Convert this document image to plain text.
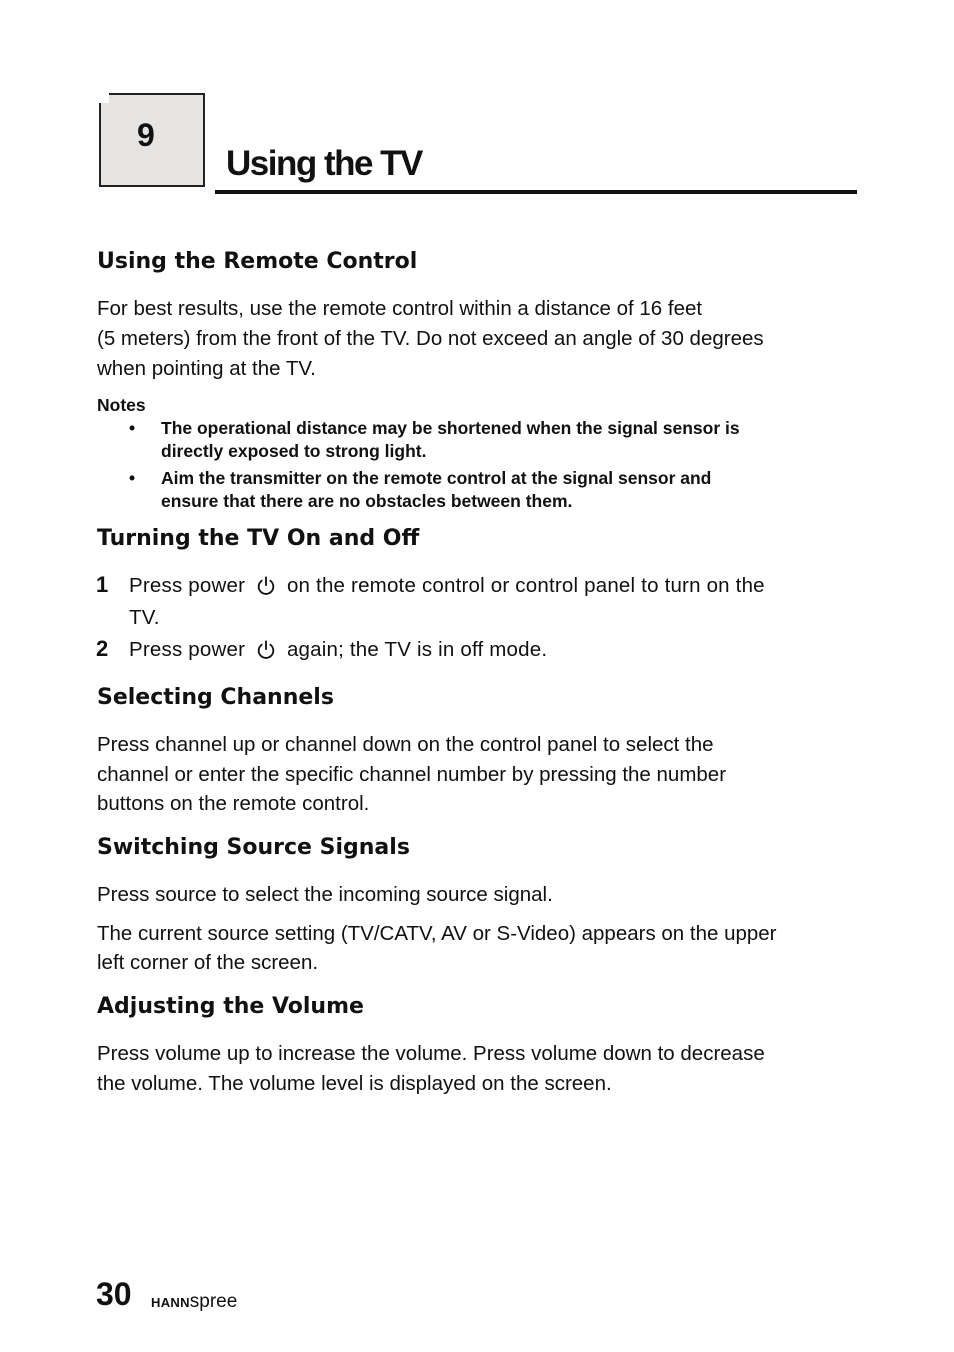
9
Using the TV
Using the Remote Control

For best results, use the remote control within a distance of 16 feet

(5 meters) from the front of the TV. Do not exceed an angle of 30 degrees

when pointing at the TV.

Notes

• The operational distance may be shortened when the signal sensor is

directly exposed to strong light.

• Aim the transmitter on the remote control at the signal sensor and

ensure that there are no obstacles between them.

Turning the TV On and Off
1 Press power on the remote control or control panel to turn on the

TV.

2 Press power again; the TV is in off mode.

Selecting Channels

Press channel up or channel down on the control panel to select the

channel or enter the specific channel number by pressing the number

buttons on the remote control.

Switching Source Signals

Press source to select the incoming source signal.

The current source setting (TV/CATV, AV or S-Video) appears on the upper

left corner of the screen.

Adjusting the Volume

Press volume up to increase the volume. Press volume down to decrease

the volume. The volume level is displayed on the screen.

30 HANNspree
